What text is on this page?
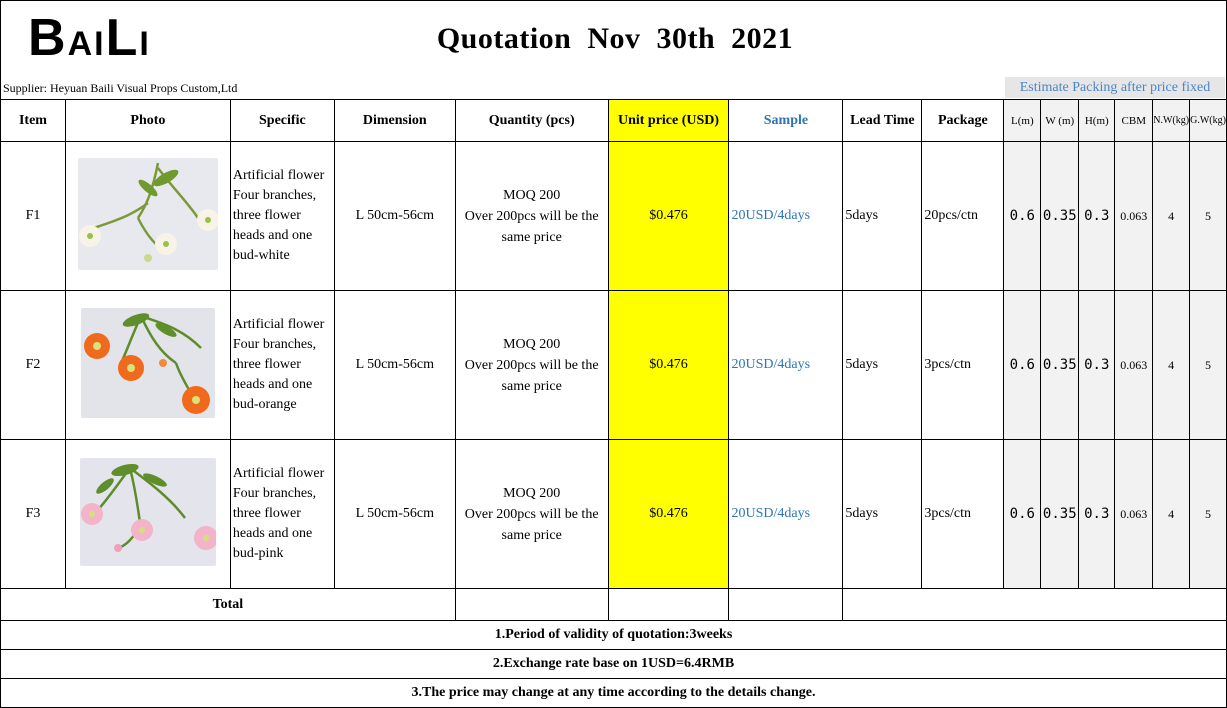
BAILI	Quotation Nov 30th 2021
Supplier: Heyuan Baili Visual Props Custom,Ltd	Estimate Packing after price fixed
Item	Photo	Specific	Dimension	Quantity (pcs)	Unit price (USD)	Sample	Lead Time	Package	L(m)	W (m)	H(m)	CBM	N.W(kg)	G.W(kg)
F1		Artificial flower
Four branches,
three flower
heads and one
bud-white	L 50cm-56cm	MOQ 200
Over 200pcs will be the
same price	$0.476	20USD/4days	5days	20pcs/ctn	0.6	0.35	0.3	0.063	4	5
F2		Artificial flower
Four branches,
three flower
heads and one
bud-orange	L 50cm-56cm	MOQ 200
Over 200pcs will be the
same price	$0.476	20USD/4days	5days	3pcs/ctn	0.6	0.35	0.3	0.063	4	5
F3		Artificial flower
Four branches,
three flower
heads and one
bud-pink	L 50cm-56cm	MOQ 200
Over 200pcs will be the
same price	$0.476	20USD/4days	5days	3pcs/ctn	0.6	0.35	0.3	0.063	4	5
Total														
1.Period of validity of quotation:3weeks														
2.Exchange rate base on 1USD=6.4RMB														
3.The price may change at any time according to the details change.														
